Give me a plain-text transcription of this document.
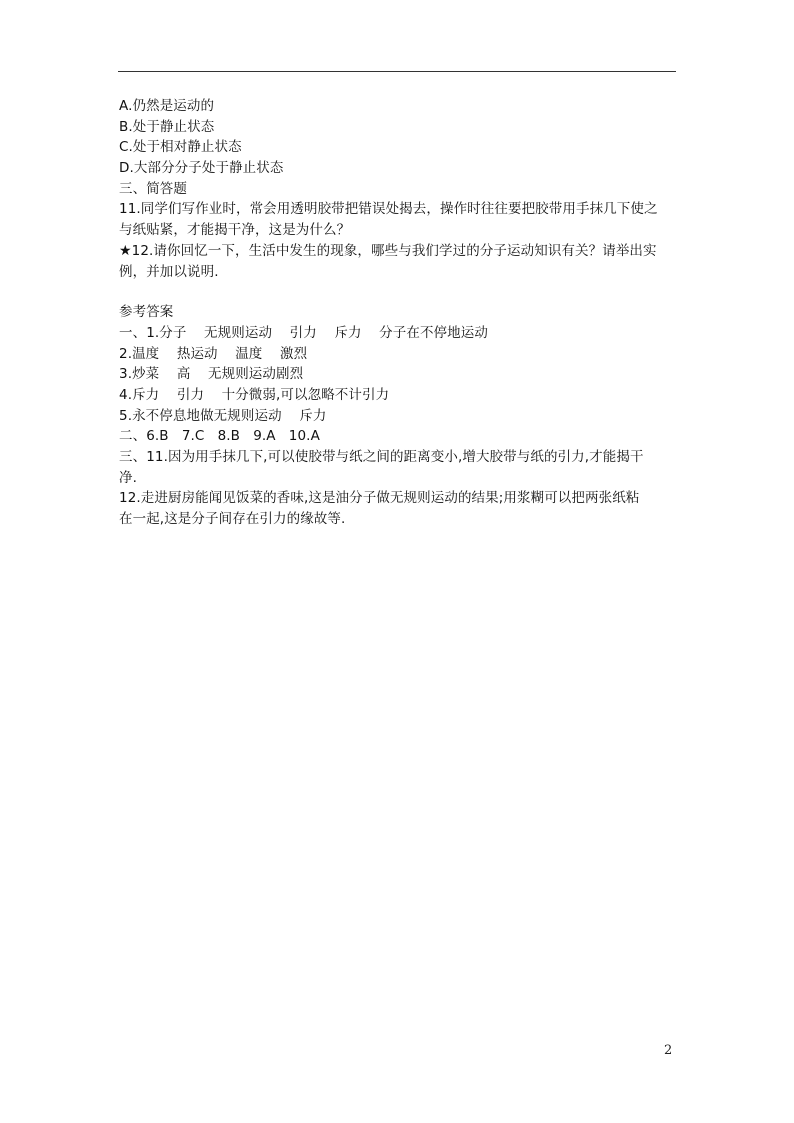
A.仍然是运动的
B.处于静止状态
C.处于相对静止状态
D.大部分分子处于静止状态
三、简答题
11.同学们写作业时，常会用透明胶带把错误处揭去，操作时往往要把胶带用手抹几下使之
与纸贴紧，才能揭干净，这是为什么？
★12.请你回忆一下，生活中发生的现象，哪些与我们学过的分子运动知识有关？请举出实
例，并加以说明.
参考答案
一、1.分子    无规则运动    引力    斥力    分子在不停地运动
2.温度    热运动    温度    激烈
3.炒菜    高    无规则运动剧烈
4.斥力    引力    十分微弱,可以忽略不计引力
5.永不停息地做无规则运动    斥力
二、6.B   7.C   8.B   9.A   10.A
三、11.因为用手抹几下,可以使胶带与纸之间的距离变小,增大胶带与纸的引力,才能揭干
净.
12.走进厨房能闻见饭菜的香味,这是油分子做无规则运动的结果;用浆糊可以把两张纸粘
在一起,这是分子间存在引力的缘故等.
2
